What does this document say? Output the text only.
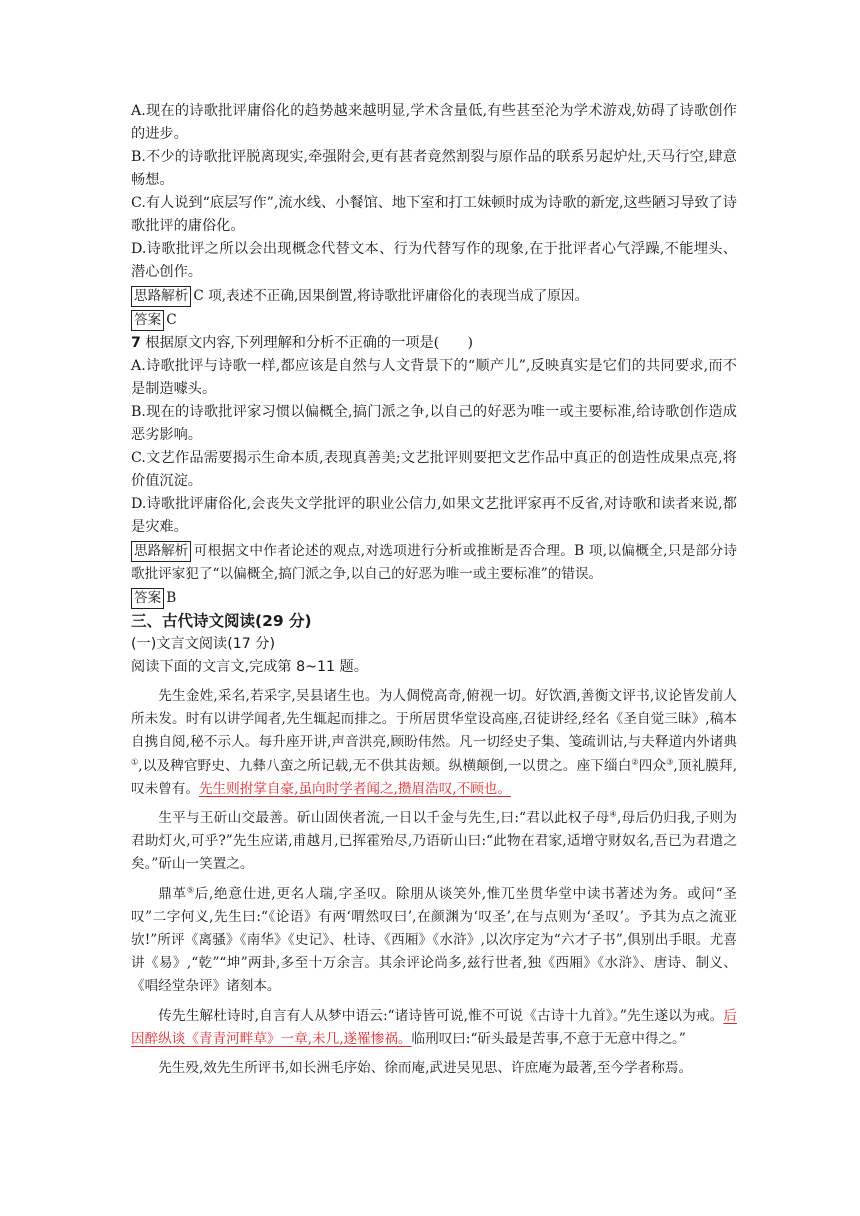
A.现在的诗歌批评庸俗化的趋势越来越明显,学术含量低,有些甚至沦为学术游戏,妨碍了诗歌创作的进步。

B.不少的诗歌批评脱离现实,牵强附会,更有甚者竟然割裂与原作品的联系另起炉灶,天马行空,肆意畅想。

C.有人说到“底层写作”,流水线、小餐馆、地下室和打工妹顿时成为诗歌的新宠,这些陋习导致了诗歌批评的庸俗化。

D.诗歌批评之所以会出现概念代替文本、行为代替写作的现象,在于批评者心气浮躁,不能埋头、潜心创作。

思路解析 C 项,表述不正确,因果倒置,将诗歌批评庸俗化的表现当成了原因。

答案 C

7 根据原文内容,下列理解和分析不正确的一项是(　　)

A.诗歌批评与诗歌一样,都应该是自然与人文背景下的“顺产儿”,反映真实是它们的共同要求,而不是制造噱头。

B.现在的诗歌批评家习惯以偏概全,搞门派之争,以自己的好恶为唯一或主要标准,给诗歌创作造成恶劣影响。

C.文艺作品需要揭示生命本质,表现真善美;文艺批评则要把文艺作品中真正的创造性成果点亮,将价值沉淀。

D.诗歌批评庸俗化,会丧失文学批评的职业公信力,如果文艺批评家再不反省,对诗歌和读者来说,都是灾难。

思路解析 可根据文中作者论述的观点,对选项进行分析或推断是否合理。B 项,以偏概全,只是部分诗歌批评家犯了“以偏概全,搞门派之争,以自己的好恶为唯一或主要标准”的错误。

答案 B

三、古代诗文阅读(29 分)

(一)文言文阅读(17 分)

阅读下面的文言文,完成第 8~11 题。

先生金姓,采名,若采字,吴县诸生也。为人倜傥高奇,俯视一切。好饮酒,善衡文评书,议论皆发前人所未发。时有以讲学闻者,先生辄起而排之。于所居贯华堂设高座,召徒讲经,经名《圣自觉三昧》,稿本自携自阅,秘不示人。每升座开讲,声音洪亮,顾盼伟然。凡一切经史子集、笺疏训诂,与夫释道内外诸典①,以及稗官野史、九彝八蛮之所记载,无不供其齿颊。纵横颠倒,一以贯之。座下缁白②四众③,顶礼膜拜,叹未曾有。先生则拊掌自豪,虽向时学者闻之,攒眉浩叹,不顾也。

生平与王斫山交最善。斫山固侠者流,一日以千金与先生,曰:“君以此权子母④,母后仍归我,子则为君助灯火,可乎?”先生应诺,甫越月,已挥霍殆尽,乃语斫山曰:“此物在君家,适增守财奴名,吾已为君遣之矣。”斫山一笑置之。

鼎革⑤后,绝意仕进,更名人瑞,字圣叹。除朋从谈笑外,惟兀坐贯华堂中读书著述为务。或问“圣叹”二字何义,先生曰:“《论语》有两‘喟然叹曰’,在颜渊为‘叹圣’,在与点则为‘圣叹’。予其为点之流亚欤!”所评《离骚》《南华》《史记》、杜诗、《西厢》《水浒》,以次序定为“六才子书”,俱别出手眼。尤喜讲《易》,“乾”“坤”两卦,多至十万余言。其余评论尚多,兹行世者,独《西厢》《水浒》、唐诗、制义、《唱经堂杂评》诸刻本。

传先生解杜诗时,自言有人从梦中语云:“诸诗皆可说,惟不可说《古诗十九首》。”先生遂以为戒。后因醉纵谈《青青河畔草》一章,未几,遂罹惨祸。临刑叹曰:“斫头最是苦事,不意于无意中得之。”

先生殁,效先生所评书,如长洲毛序始、徐而庵,武进吴见思、许庶庵为最著,至今学者称焉。
